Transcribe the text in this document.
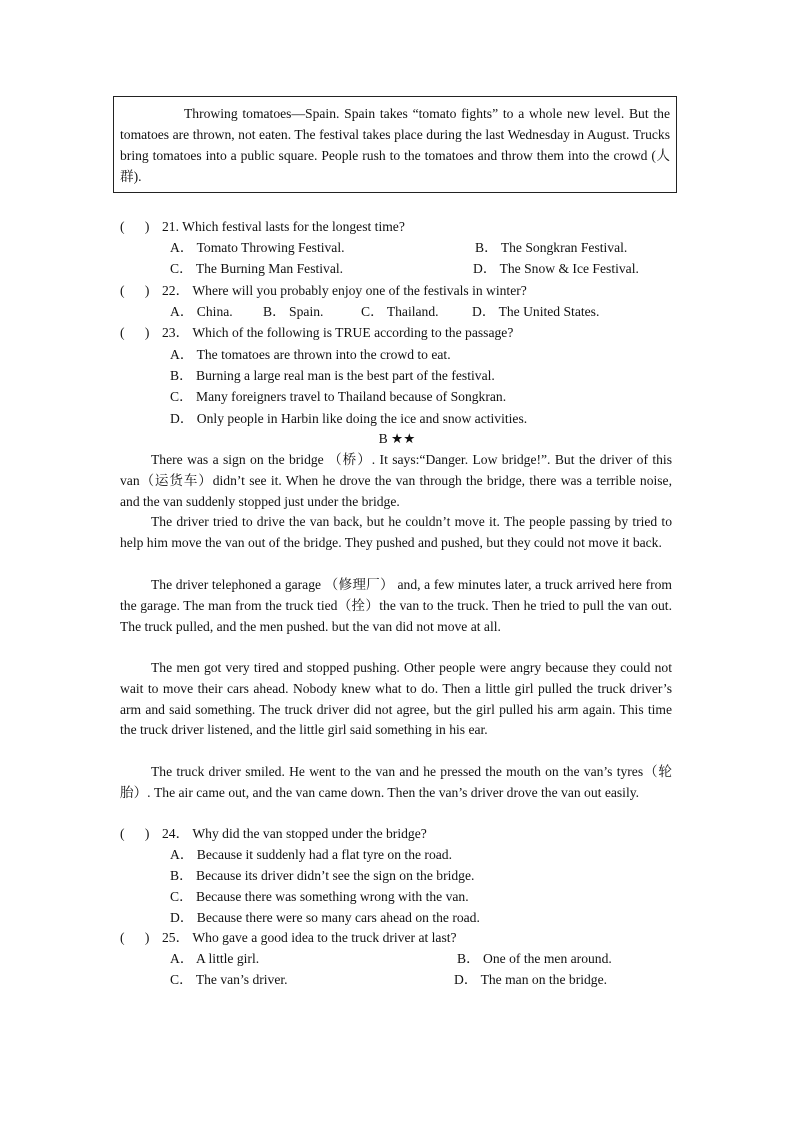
Throwing tomatoes—Spain. Spain takes “tomato fights” to a whole new level. But the tomatoes are thrown, not eaten. The festival takes place during the last Wednesday in August. Trucks bring tomatoes into a public square. People rush to the tomatoes and throw them into the crowd (人群).
(      ) 21. Which festival lasts for the longest time?
A． Tomato Throwing Festival.	B． The Songkran Festival.
C． The Burning Man Festival.	D． The Snow & Ice Festival.
(      ) 22． Where will you probably enjoy one of the festivals in winter?
A． China. B． Spain.	C． Thailand. D． The United States.
(      ) 23． Which of the following is TRUE according to the passage?
A． The tomatoes are thrown into the crowd to eat.
B． Burning a large real man is the best part of the festival.
C． Many foreigners travel to Thailand because of Songkran.
D． Only people in Harbin like doing the ice and snow activities.
B ★★
There was a sign on the bridge （桥）. It says:“Danger. Low bridge!”. But the driver of this van（运货车）didn’t see it. When he drove the van through the bridge, there was a terrible noise, and the van suddenly stopped just under the bridge.
The driver tried to drive the van back, but he couldn’t move it. The people passing by tried to help him move the van out of the bridge. They pushed and pushed, but they could not move it back.
The driver telephoned a garage （修理厂） and, a few minutes later, a truck arrived here from the garage. The man from the truck tied（拴）the van to the truck. Then he tried to pull the van out. The truck pulled, and the men pushed. but the van did not move at all.
The men got very tired and stopped pushing. Other people were angry because they could not wait to move their cars ahead. Nobody knew what to do. Then a little girl pulled the truck driver’s arm and said something. The truck driver did not agree, but the girl pulled his arm again. This time the truck driver listened, and the little girl said something in his ear.
The truck driver smiled. He went to the van and he pressed the mouth on the van’s tyres（轮胎）. The air came out, and the van came down. Then the van’s driver drove the van out easily.
(      ) 24． Why did the van stopped under the bridge?
A． Because it suddenly had a flat tyre on the road.
B． Because its driver didn’t see the sign on the bridge.
C． Because there was something wrong with the van.
D． Because there were so many cars ahead on the road.
(      ) 25． Who gave a good idea to the truck driver at last?
A． A little girl.	B． One of the men around.
C． The van’s driver.	D． The man on the bridge.
